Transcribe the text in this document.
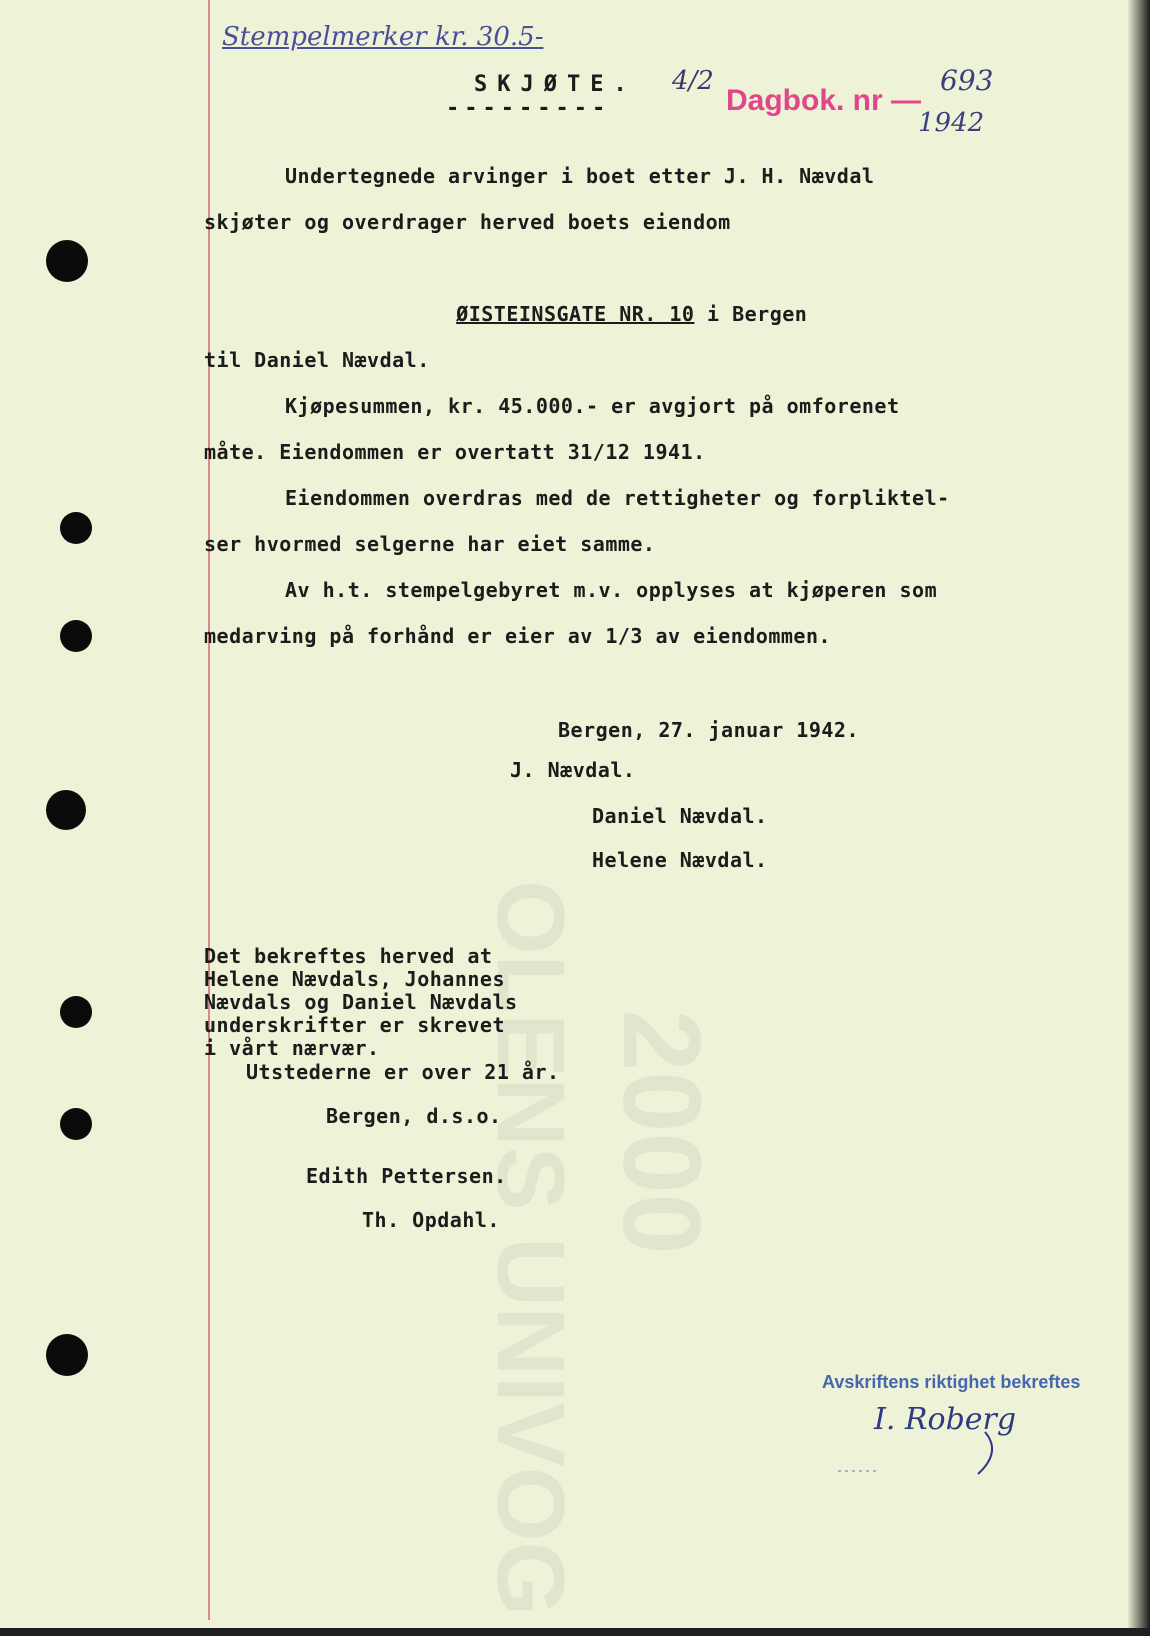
OLENS UNIVOG 2000
Stempelmerker kr. 30.5-
SKJØTE.
---------
4/2
Dagbok. nr —
693
1942
Undertegnede arvinger i boet etter J. H. Nævdal
skjøter og overdrager herved boets eiendom

ØISTEINSGATE NR. 10 i Bergen

til Daniel Nævdal.
Kjøpesummen, kr. 45.000.- er avgjort på omforenet
måte. Eiendommen er overtatt 31/12 1941.
Eiendommen overdras med de rettigheter og forpliktel-
ser hvormed selgerne har eiet samme.
Av h.t. stempelgebyret m.v. opplyses at kjøperen som
medarving på forhånd er eier av 1/3 av eiendommen.
Bergen, 27. januar 1942.
J. Nævdal.
Daniel Nævdal.
Helene Nævdal.
Det bekreftes herved at
Helene Nævdals, Johannes
Nævdals og Daniel Nævdals
underskrifter er skrevet
i vårt nærvær.
Utstederne er over 21 år.
Bergen, d.s.o.
Edith Pettersen.
Th. Opdahl.
Avskriftens riktighet bekreftes
I. Roberg
